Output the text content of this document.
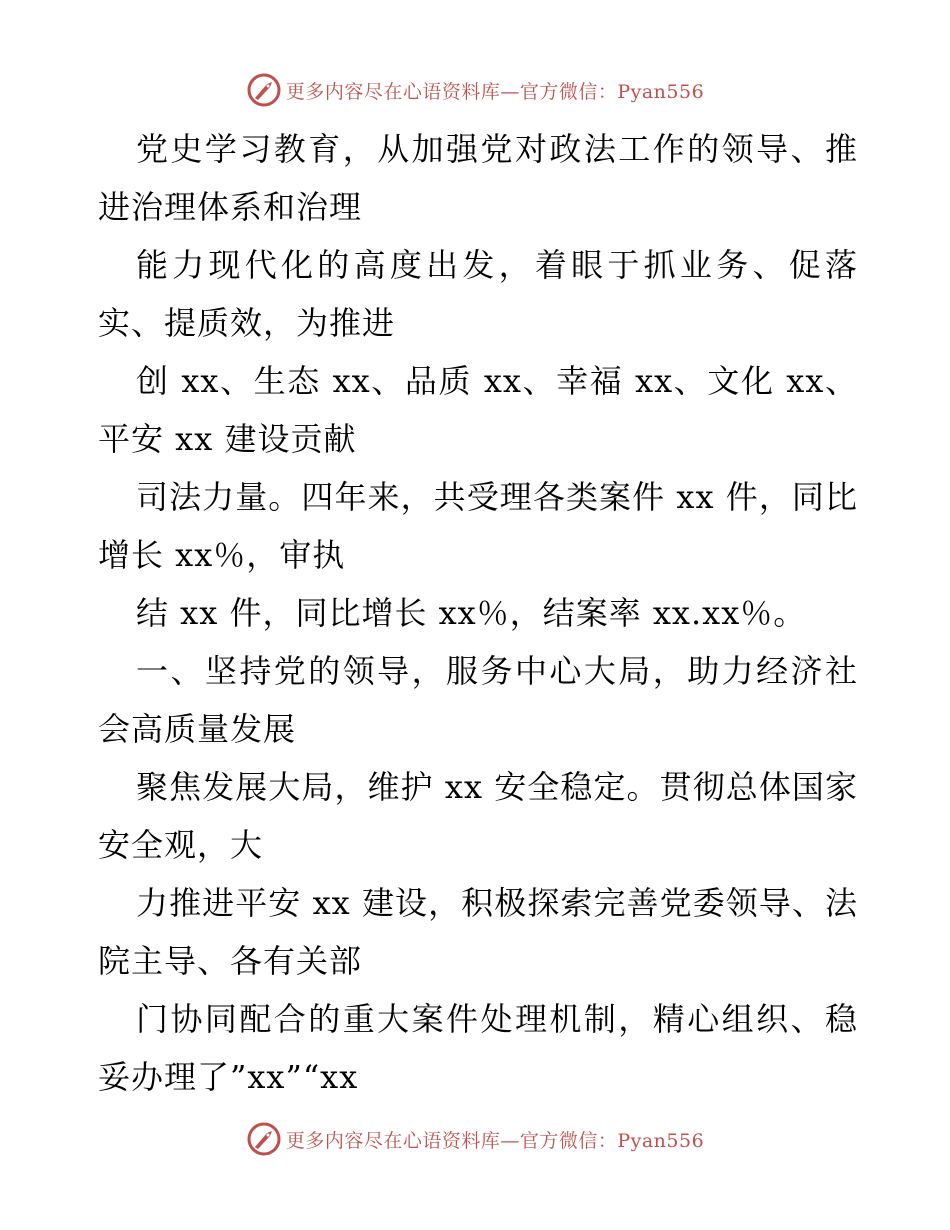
更多内容尽在心语资料库—官方微信：Pyan556

党史学习教育，从加强党对政法工作的领导、推进治理体系和治理

能力现代化的高度出发，着眼于抓业务、促落实、提质效，为推进

创 xx、生态 xx、品质 xx、幸福 xx、文化 xx、平安 xx 建设贡献

司法力量。四年来，共受理各类案件 xx 件，同比增长 xx％，审执

结 xx 件，同比增长 xx％，结案率 xx.xx％。

一、坚持党的领导，服务中心大局，助力经济社会高质量发展

聚焦发展大局，维护 xx 安全稳定。贯彻总体国家安全观，大

力推进平安 xx 建设，积极探索完善党委领导、法院主导、各有关部

门协同配合的重大案件处理机制，精心组织、稳妥办理了”xx”“xx

更多内容尽在心语资料库—官方微信：Pyan556
